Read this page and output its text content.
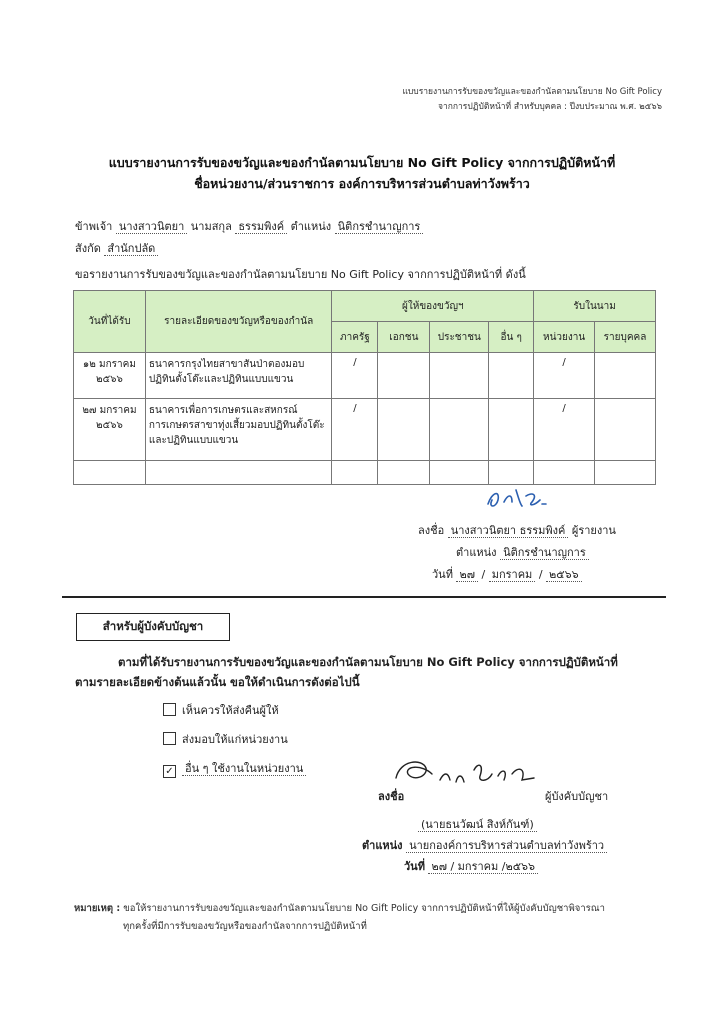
แบบรายงานการรับของขวัญและของกำนัลตามนโยบาย No Gift Policy
จากการปฏิบัติหน้าที่ สำหรับบุคคล : ปีงบประมาณ พ.ศ. ๒๕๖๖
แบบรายงานการรับของขวัญและของกำนัลตามนโยบาย No Gift Policy จากการปฏิบัติหน้าที่
ชื่อหน่วยงาน/ส่วนราชการ องค์การบริหารส่วนตำบลท่าวังพร้าว
ข้าพเจ้า นางสาวนิตยา นามสกุล ธรรมพิงค์ ตำแหน่ง นิติกรชำนาญการ
สังกัด สำนักปลัด
ขอรายงานการรับของขวัญและของกำนัลตามนโยบาย No Gift Policy จากการปฏิบัติหน้าที่ ดังนี้
วันที่ได้รับ	รายละเอียดของขวัญหรือของกำนัล	ผู้ให้ของขวัญฯ				รับในนาม	
		ภาครัฐ	เอกชน	ประชาชน	อื่น ๆ	หน่วยงาน	รายบุคคล
๑๒ มกราคม ๒๕๖๖	ธนาคารกรุงไทยสาขาสันป่าตองมอบปฏิทินตั้งโต๊ะและปฏิทินแบบแขวน	/				/	
๒๗ มกราคม ๒๕๖๖	ธนาคารเพื่อการเกษตรและสหกรณ์การเกษตรสาขาทุ่งเสี้ยวมอบปฏิทินตั้งโต๊ะและปฏิทินแบบแขวน	/				/	

ลงชื่อ นางสาวนิตยา ธรรมพิงค์ ผู้รายงาน
ตำแหน่ง นิติกรชำนาญการ
วันที่ ๒๗ / มกราคม / ๒๕๖๖
สำหรับผู้บังคับบัญชา
ตามที่ได้รับรายงานการรับของขวัญและของกำนัลตามนโยบาย No Gift Policy จากการปฏิบัติหน้าที่
ตามรายละเอียดข้างต้นแล้วนั้น ขอให้ดำเนินการดังต่อไปนี้
เห็นควรให้ส่งคืนผู้ให้
ส่งมอบให้แก่หน่วยงาน
✓ อื่น ๆ ใช้งานในหน่วยงาน
ลงชื่อ	ผู้บังคับบัญชา
(นายธนวัฒน์ สิงห์กันฑ์)
ตำแหน่ง นายกองค์การบริหารส่วนตำบลท่าวังพร้าว
วันที่ ๒๗ / มกราคม /๒๕๖๖
หมายเหตุ : ขอให้รายงานการรับของขวัญและของกำนัลตามนโยบาย No Gift Policy จากการปฏิบัติหน้าที่ให้ผู้บังคับบัญชาพิจารณา
ทุกครั้งที่มีการรับของขวัญหรือของกำนัลจากการปฏิบัติหน้าที่
